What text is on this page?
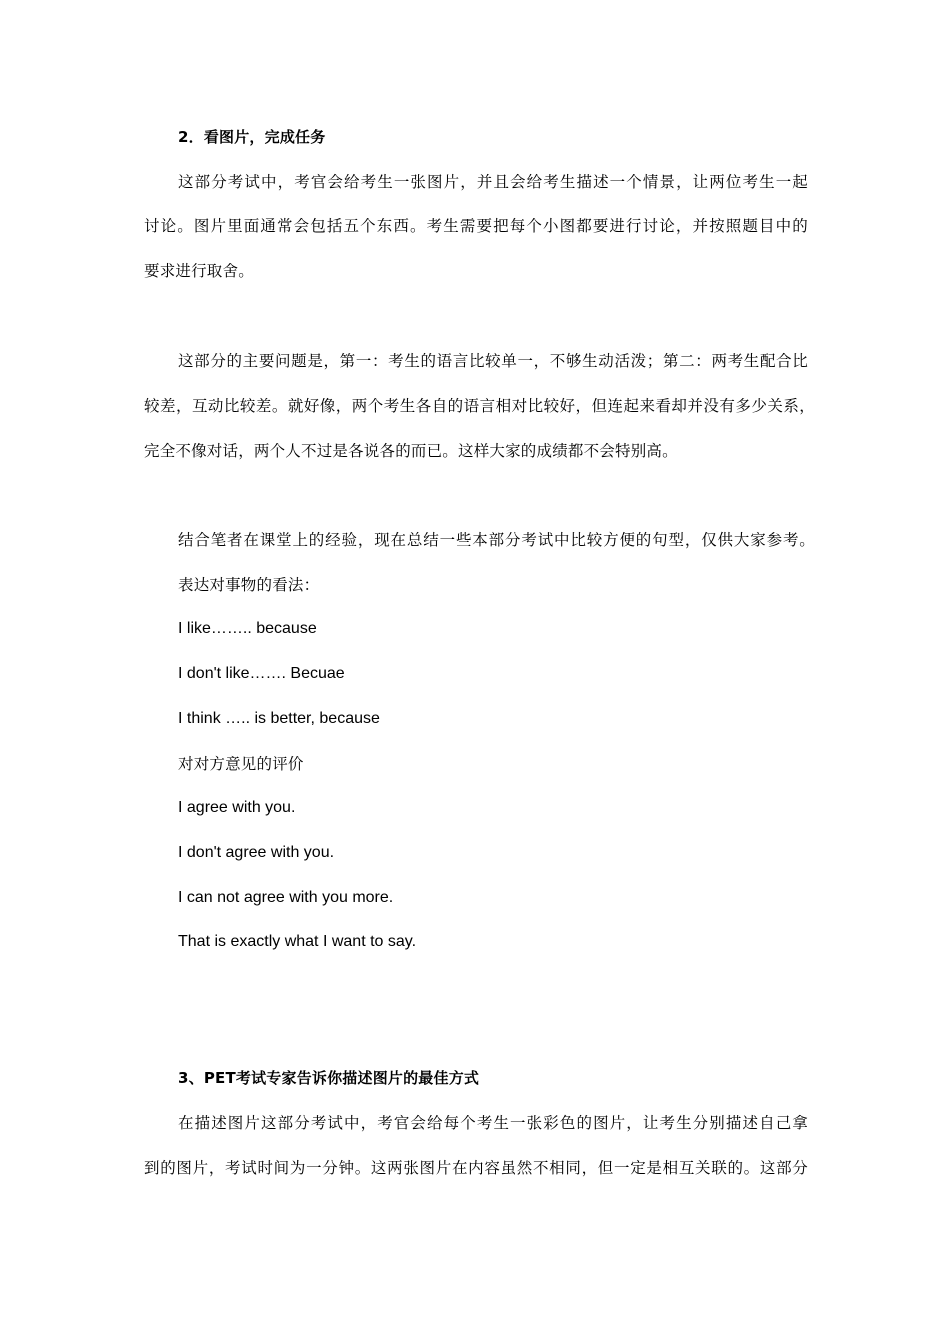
2．看图片，完成任务
这部分考试中，考官会给考生一张图片，并且会给考生描述一个情景，让两位考生一起
讨论。图片里面通常会包括五个东西。考生需要把每个小图都要进行讨论，并按照题目中的
要求进行取舍。
这部分的主要问题是，第一：考生的语言比较单一，不够生动活泼；第二：两考生配合比
较差，互动比较差。就好像，两个考生各自的语言相对比较好，但连起来看却并没有多少关系，
完全不像对话，两个人不过是各说各的而已。这样大家的成绩都不会特别高。
结合笔者在课堂上的经验，现在总结一些本部分考试中比较方便的句型，仅供大家参考。
表达对事物的看法：
I like…….. because
I don't like……. Becuae
I think ….. is better, because
对对方意见的评价
I agree with you.
I don't agree with you.
I can not agree with you more.
That is exactly what I want to say.
3、PET考试专家告诉你描述图片的最佳方式
在描述图片这部分考试中，考官会给每个考生一张彩色的图片，让考生分别描述自己拿
到的图片，考试时间为一分钟。这两张图片在内容虽然不相同，但一定是相互关联的。这部分
